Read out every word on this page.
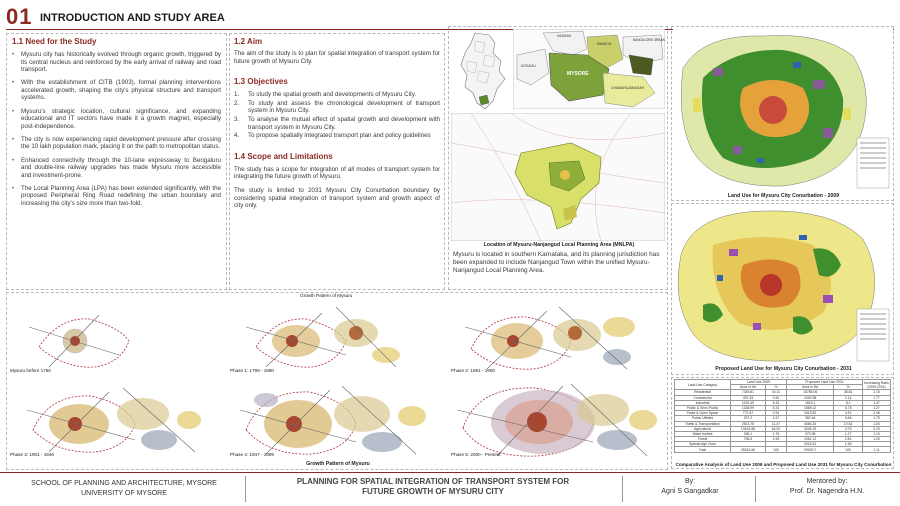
01 INTRODUCTION AND STUDY AREA
1.1 Need for the Study
• Mysuru city has historically evolved through organic growth, triggered by its central nucleus and reinforced by the early arrival of railway and road transport.
• With the establishment of CITB (1903), formal planning interventions accelerated growth, shaping the city's physical structure and transport systems.
• Mysuru's strategic location, cultural significance, and expanding educational and IT sectors have made it a growth magnet, especially post-independence.
• The city is now experiencing rapid development pressure after crossing the 10 lakh population mark, placing it on the path to metropolitan status.
• Enhanced connectivity through the 10-lane expressway to Bengaluru and double-line railway upgrades has made Mysuru more accessible and investment-prone.
• The Local Planning Area (LPA) has been extended significantly, with the proposed Peripheral Ring Road redefining the urban boundary and increasing the city's size more than two-fold.
1.2 Aim
The aim of the study is to plan for spatial integration of transport system for future growth of Mysuru City.
1.3 Objectives
1. To study the spatial growth and developments of Mysuru City.
2. To study and assess the chronological development of transport system in Mysuru City.
3. To analyse the mutual effect of spatial growth and development with transport system in Mysuru City.
4. To propose spatially integrated transport plan and policy guidelines
1.4 Scope and Limitations
The study has a scope for integration of all modes of transport system for integrating the future growth of Mysuru.
The study is limited to 2031 Mysuru City Conurbation boundary by considering spatial integration of transport system and growth aspect of city only.
HASSAN
MANDYA
BANGALORE URBAN
KODAGU
MYSORE
CHAMARAJANAGAR
Location of Mysuru-Nanjangud Local Planning Area (MNLPA)
Mysuru is located in southern Karnataka, and its planning jurisdiction has been expanded to include Nanjangud Town within the unified Mysuru-Nanjangud Local Planning Area.
Land Use for Mysuru City Conurbation - 2009
Proposed Land Use for Mysuru City Conurbation - 2031
Land Use Category	Land Use 2009		Proposed Land Use 2031		Increasing Ratio (2009-2031)
	Area in Ha	%	Area in Ha	%	
Residential	7349.81	34.11	15785.06	38.81	2.15
Commercial	497.33	2.60	1000.98	2.14	1.77
Industrial	1120.49	5.32	1819.1	8.2	1.47
Public & Semi-Public	1335.99	5.31	1865.12	6.78	1.27
Parks & Open Space	772.87	2.94	1613.82	3.51	2.08
Public Utilities	207.2	0.37	382.46	0.66	1.79
Traffic & Transportation	2613.75	11.47	4066.26	10.62	1.53
Agricultural	13433.56	46.02	3248.15	3.76	0.23
Water bodies	336.1	1.76	370.98	1.27	1.10
Forest	766.5	1.53	1061.12	2.81	1.00
Special Agri Zone			2015.41	1.56	
Total	28243.66	100	29249.7	100	1.11
Comparative Analysis of Land Use 2009 and Proposed Land Use 2031 for Mysuru City Conurbation
Growth Pattern of Mysuru
Mysuru before 1750	Phase 1: 1799 - 1880	Phase 2: 1881 - 1900
Phase 3: 1901 - 1946	Phase 4: 1947 - 1999	Phase 5: 2000 - Present
Growth Pattern of Mysuru
SCHOOL OF PLANNING AND ARCHITECTURE, MYSORE
UNIVERSITY OF MYSORE
PLANNING FOR SPATIAL INTEGRATION OF TRANSPORT SYSTEM FOR
FUTURE GROWTH OF MYSURU CITY
By:
Agni S Gangadkar
Mentored by:
Prof. Dr. Nagendra H.N.
